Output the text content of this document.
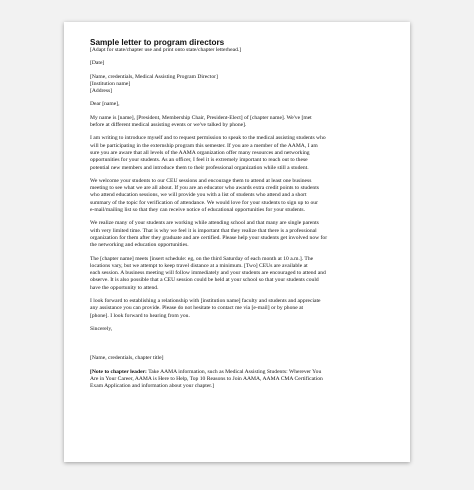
Sample letter to program directors
[Adapt for state/chapter use and print onto state/chapter letterhead.]
[Date]
[Name, credentials, Medical Assisting Program Director]
[Institution name]
[Address]
Dear [name],
My name is [name], [President, Membership Chair, President-Elect] of [chapter name]. We've [met
before at different medical assisting events or we've talked by phone].
I am writing to introduce myself and to request permission to speak to the medical assisting students who
will be participating in the externship program this semester. If you are a member of the AAMA, I am
sure you are aware that all levels of the AAMA organization offer many resources and networking
opportunities for your students. As an officer, I feel it is extremely important to reach out to these
potential new members and introduce them to their professional organization while still a student.
We welcome your students to our CEU sessions and encourage them to attend at least one business
meeting to see what we are all about. If you are an educator who awards extra credit points to students
who attend education sessions, we will provide you with a list of students who attend and a short
summary of the topic for verification of attendance. We would love for your students to sign up to our
e-mail/mailing list so that they can receive notice of educational opportunities for your students.
We realize many of your students are working while attending school and that many are single parents
with very limited time. That is why we feel it is important that they realize that there is a professional
organization for them after they graduate and are certified. Please help your students get involved now for
the networking and education opportunities.
The [chapter name] meets [insert schedule: eg, on the third Saturday of each month at 10 a.m.]. The
locations vary, but we attempt to keep travel distance at a minimum. [Two] CEUs are available at
each session. A business meeting will follow immediately and your students are encouraged to attend and
observe. It is also possible that a CEU session could be held at your school so that your students could
have the opportunity to attend.
I look forward to establishing a relationship with [institution name] faculty and students and appreciate
any assistance you can provide. Please do not hesitate to contact me via [e-mail] or by phone at
[phone]. I look forward to hearing from you.
Sincerely,
[Name, credentials, chapter title]
[Note to chapter leader: Take AAMA information, such as Medical Assisting Students: Wherever You
Are in Your Career, AAMA is Here to Help, Top 10 Reasons to Join AAMA, AAMA CMA Certification
Exam Application and information about your chapter.]
